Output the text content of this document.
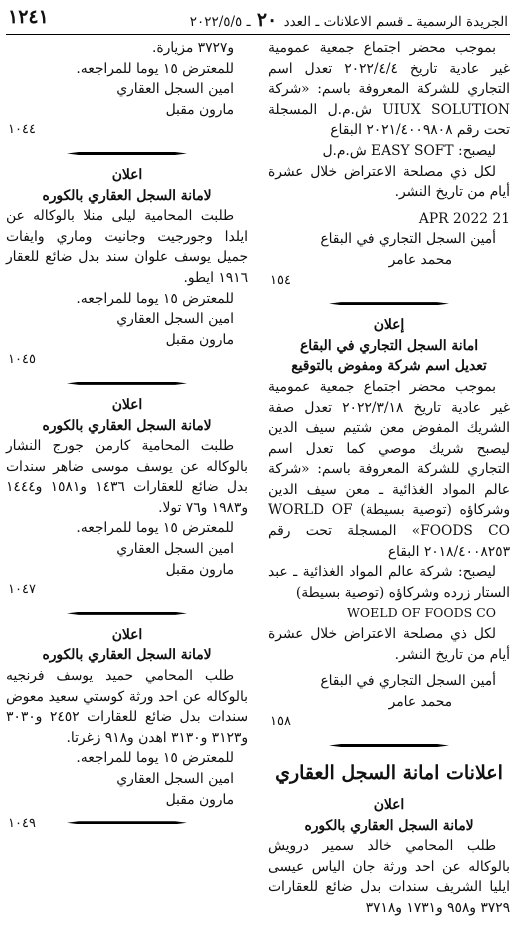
١٢٤١	الجريدة الرسمية ـ قسم الاعلانات ـ العدد ٢٠ ـ ٢٠٢٢/٥/٥

بموجب محضر اجتماع جمعية عمومية غير عادية تاريخ ٢٠٢٢/٤/٤ تعدل اسم التجاري للشركة المعروفة باسم: «شركة UIUX SOLUTION ش.م.ل المسجلة تحت رقم ٢٠٢١/٤٠٠٩٨٠٨ البقاع

ليصبح: EASY SOFT ش.م.ل

لكل ذي مصلحة الاعتراض خلال عشرة أيام من تاريخ النشر.

21 APR 2022

أمين السجل التجاري في البقاع

محمد عامر

١٥٤

إعلان

امانة السجل التجاري في البقاع

تعديل اسم شركة ومفوض بالتوقيع

بموجب محضر اجتماع جمعية عمومية غير عادية تاريخ ٢٠٢٢/٣/١٨ تعدل صفة الشريك المفوض معن شتيم سيف الدين ليصبح شريك موصي كما تعدل اسم التجاري للشركة المعروفة باسم: «شركة عالم المواد الغذائية ـ معن سيف الدين وشركاؤه (توصية بسيطة) WORLD OF FOODS CO» المسجلة تحت رقم ٢٠١٨/٤٠٠٨٢٥٣ البقاع

ليصبح: شركة عالم المواد الغذائية ـ عبد الستار زرده وشركاؤه (توصية بسيطة)

WOELD OF FOODS CO

لكل ذي مصلحة الاعتراض خلال عشرة أيام من تاريخ النشر.

أمين السجل التجاري في البقاع

محمد عامر

١٥٨

اعلانات امانة السجل العقاري

اعلان

لامانة السجل العقاري بالكوره

طلب المحامي خالد سمير درويش بالوكاله عن احد ورثة جان الياس عيسى ايليا الشريف سندات بدل ضائع للعقارات ٣٧٢٩ و٩٥٨ و١٧٣١ و٣٧١٨

و٣٧٢٧ مزيارة.

للمعترض ١٥ يوما للمراجعه.

امين السجل العقاري

مارون مقبل

١٠٤٤

اعلان

لامانة السجل العقاري بالكوره

طلبت المحامية ليلى منلا بالوكاله عن ايلدا وجورجيت وجانيت وماري وايفات جميل يوسف علوان سند بدل ضائع للعقار ١٩١٦ ايطو.

للمعترض ١٥ يوما للمراجعه.

امين السجل العقاري

مارون مقبل

١٠٤٥

اعلان

لامانة السجل العقاري بالكوره

طلبت المحامية كارمن جورج النشار بالوكاله عن يوسف موسى ضاهر سندات بدل ضائع للعقارات ١٤٣٦ و١٥٨١ و١٤٤٤ و١٩٨٣ و٧٦ تولا.

للمعترض ١٥ يوما للمراجعه.

امين السجل العقاري

مارون مقبل

١٠٤٧

اعلان

لامانة السجل العقاري بالكوره

طلب المحامي حميد يوسف فرنجيه بالوكاله عن احد ورثة كوستي سعيد معوض سندات بدل ضائع للعقارات ٢٤٥٢ و٣٠٣٠ و٣١٢٣ و٣١٣٠ اهدن و٩١٨ زغرتا.

للمعترض ١٥ يوما للمراجعه.

امين السجل العقاري

مارون مقبل

١٠٤٩
